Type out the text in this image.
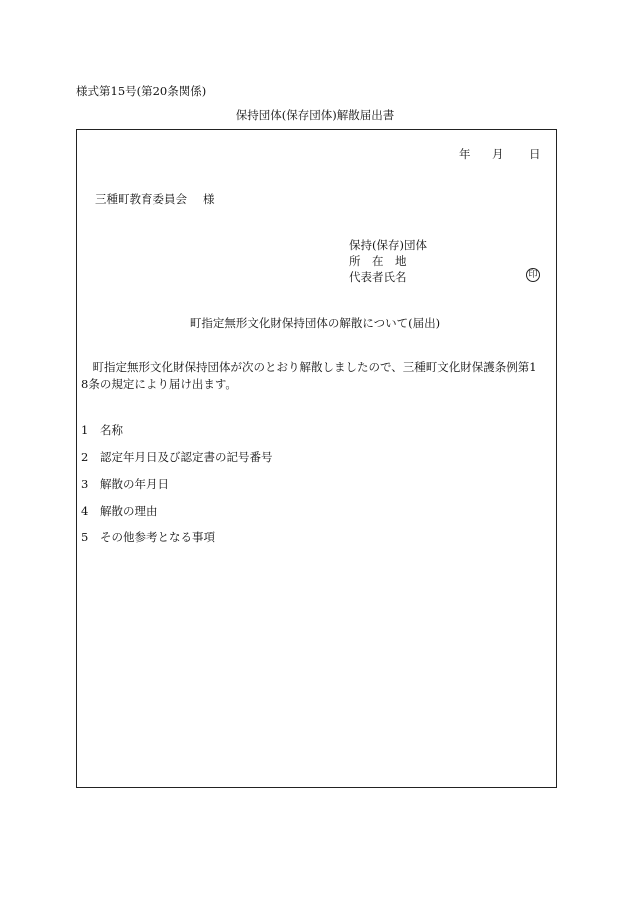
様式第15号(第20条関係)
保持団体(保存団体)解散届出書
年 月 日
三種町教育委員会 様
保持(保存)団体
所　在　地
代表者氏名	印
町指定無形文化財保持団体の解散について(届出)
　町指定無形文化財保持団体が次のとおり解散しましたので、三種町文化財保護条例第1
8条の規定により届け出ます。
1 名称
2 認定年月日及び認定書の記号番号
3 解散の年月日
4 解散の理由
5 その他参考となる事項
